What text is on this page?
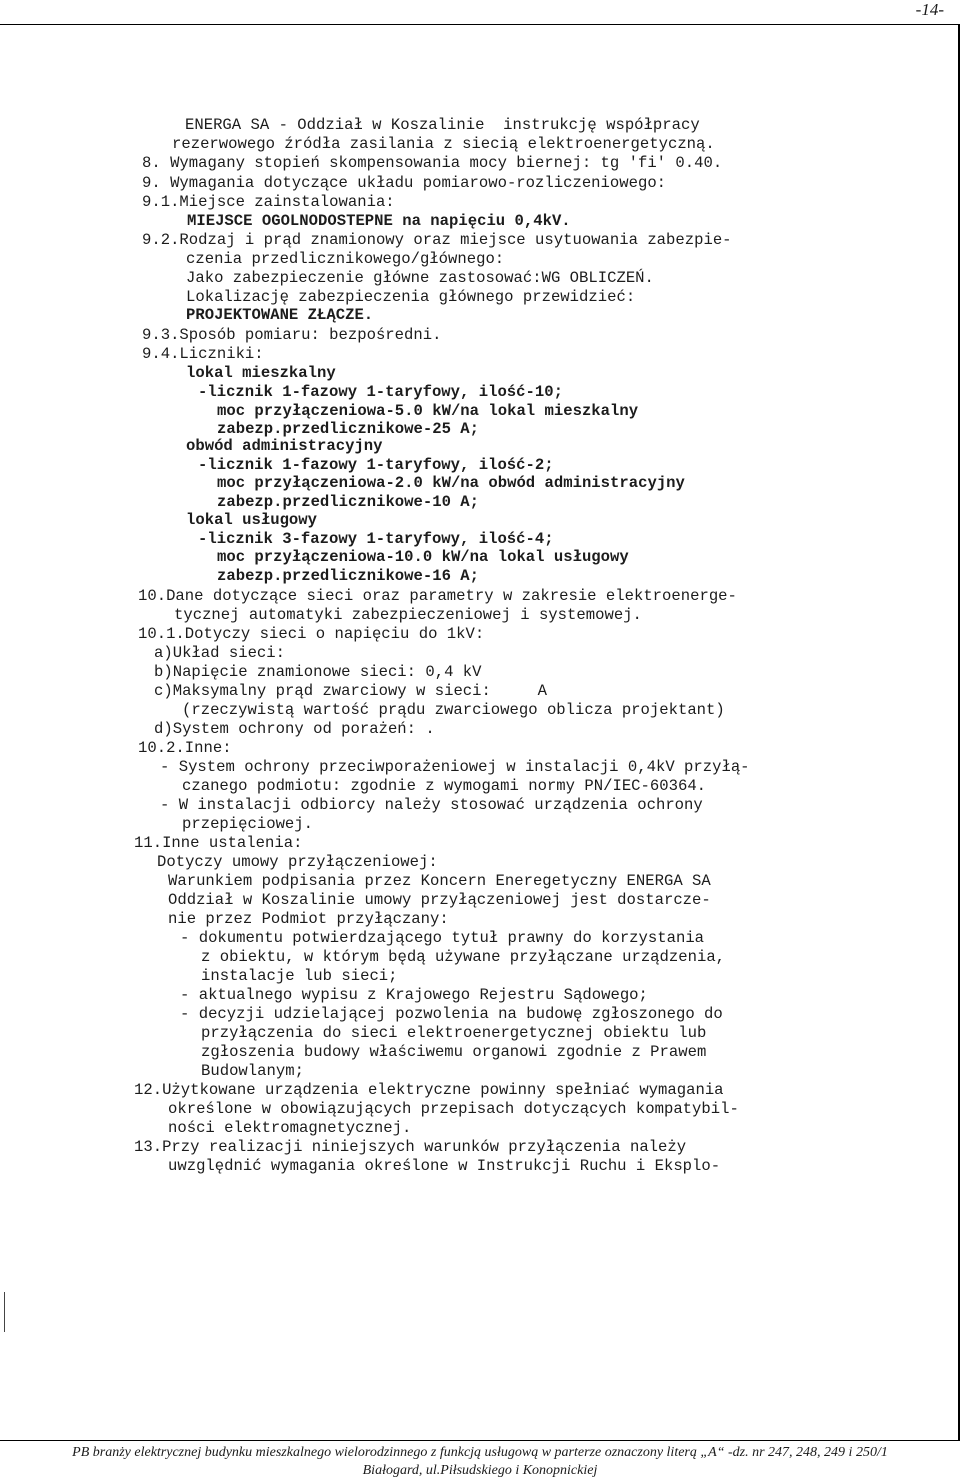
-14-
ENERGA SA - Oddział w Koszalinie  instrukcję współpracy
rezerwowego źródła zasilania z siecią elektroenergetyczną.
8. Wymagany stopień skompensowania mocy biernej: tg 'fi' 0.40.
9. Wymagania dotyczące układu pomiarowo-rozliczeniowego:
9.1.Miejsce zainstalowania:
MIEJSCE OGOLNODOSTEPNE na napięciu 0,4kV.
9.2.Rodzaj i prąd znamionowy oraz miejsce usytuowania zabezpie-
czenia przedlicznikowego/głównego:
Jako zabezpieczenie główne zastosować:WG OBLICZEŃ.
Lokalizację zabezpieczenia głównego przewidzieć:
PROJEKTOWANE ZŁĄCZE.
9.3.Sposób pomiaru: bezpośredni.
9.4.Liczniki:
lokal mieszkalny
-licznik 1-fazowy 1-taryfowy, ilość-10;
moc przyłączeniowa-5.0 kW/na lokal mieszkalny
zabezp.przedlicznikowe-25 A;
obwód administracyjny
-licznik 1-fazowy 1-taryfowy, ilość-2;
moc przyłączeniowa-2.0 kW/na obwód administracyjny
zabezp.przedlicznikowe-10 A;
lokal usługowy
-licznik 3-fazowy 1-taryfowy, ilość-4;
moc przyłączeniowa-10.0 kW/na lokal usługowy
zabezp.przedlicznikowe-16 A;
10.Dane dotyczące sieci oraz parametry w zakresie elektroenerge-
tycznej automatyki zabezpieczeniowej i systemowej.
10.1.Dotyczy sieci o napięciu do 1kV:
a)Układ sieci:
b)Napięcie znamionowe sieci: 0,4 kV
c)Maksymalny prąd zwarciowy w sieci:     A
(rzeczywistą wartość prądu zwarciowego oblicza projektant)
d)System ochrony od porażeń: .
10.2.Inne:
- System ochrony przeciwporażeniowej w instalacji 0,4kV przyłą-
czanego podmiotu: zgodnie z wymogami normy PN/IEC-60364.
- W instalacji odbiorcy należy stosować urządzenia ochrony
przepięciowej.
11.Inne ustalenia:
Dotyczy umowy przyłączeniowej:
Warunkiem podpisania przez Koncern Eneregetyczny ENERGA SA
Oddział w Koszalinie umowy przyłączeniowej jest dostarcze-
nie przez Podmiot przyłączany:
- dokumentu potwierdzającego tytuł prawny do korzystania
z obiektu, w którym będą używane przyłączane urządzenia,
instalacje lub sieci;
- aktualnego wypisu z Krajowego Rejestru Sądowego;
- decyzji udzielającej pozwolenia na budowę zgłoszonego do
przyłączenia do sieci elektroenergetycznej obiektu lub
zgłoszenia budowy właściwemu organowi zgodnie z Prawem
Budowlanym;
12.Użytkowane urządzenia elektryczne powinny spełniać wymagania
określone w obowiązujących przepisach dotyczących kompatybil-
ności elektromagnetycznej.
13.Przy realizacji niniejszych warunków przyłączenia należy
uwzględnić wymagania określone w Instrukcji Ruchu i Eksplo-
PB branży elektrycznej budynku mieszkalnego wielorodzinnego z funkcją usługową w parterze oznaczony literą „A“ -dz. nr 247, 248, 249 i 250/1
Białogard, ul.Piłsudskiego i Konopnickiej
